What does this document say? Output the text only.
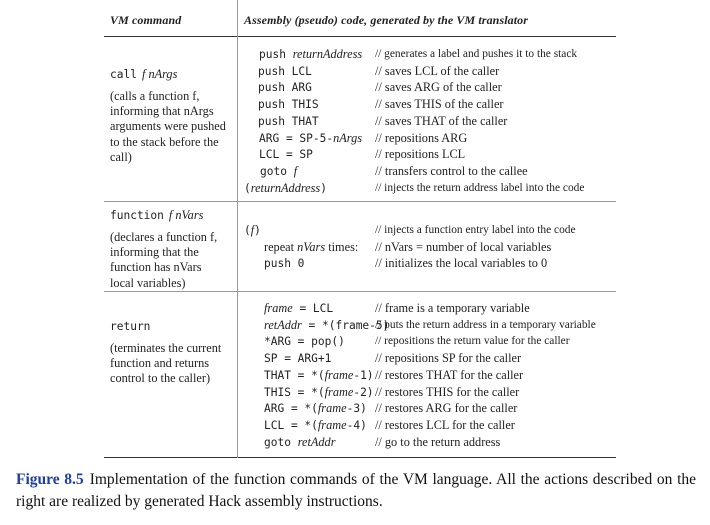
VM command	Assembly (pseudo) code, generated by the VM translator
call f nArgs
(calls a function f,
informing that nArgs
arguments were pushed
to the stack before the
call)
push returnAddress // generates a label and pushes it to the stack
push LCL	// saves LCL of the caller
push ARG	// saves ARG of the caller
push THIS	// saves THIS of the caller
push THAT	// saves THAT of the caller
ARG = SP-5-nArgs // repositions ARG
LCL = SP	// repositions LCL
goto f	// transfers control to the callee
(returnAddress)	// injects the return address label into the code
function f nVars
(declares a function f,
informing that the
function has nVars
local variables)
(f)	// injects a function entry label into the code
repeat nVars times: // nVars = number of local variables
push 0	// initializes the local variables to 0
return
(terminates the current
function and returns
control to the caller)
frame = LCL	// frame is a temporary variable
retAddr = *(frame-5)
// puts the return address in a temporary variable
*ARG = pop()	// repositions the return value for the caller
SP = ARG+1	// repositions SP for the caller
THAT = *(frame-1) // restores THAT for the caller
THIS = *(frame-2) // restores THIS for the caller
ARG = *(frame-3) // restores ARG for the caller
LCL = *(frame-4) // restores LCL for the caller
goto retAddr	// go to the return address
Figure 8.5 Implementation of the function commands of the VM language. All the actions described on the right are realized by generated Hack assembly instructions.
